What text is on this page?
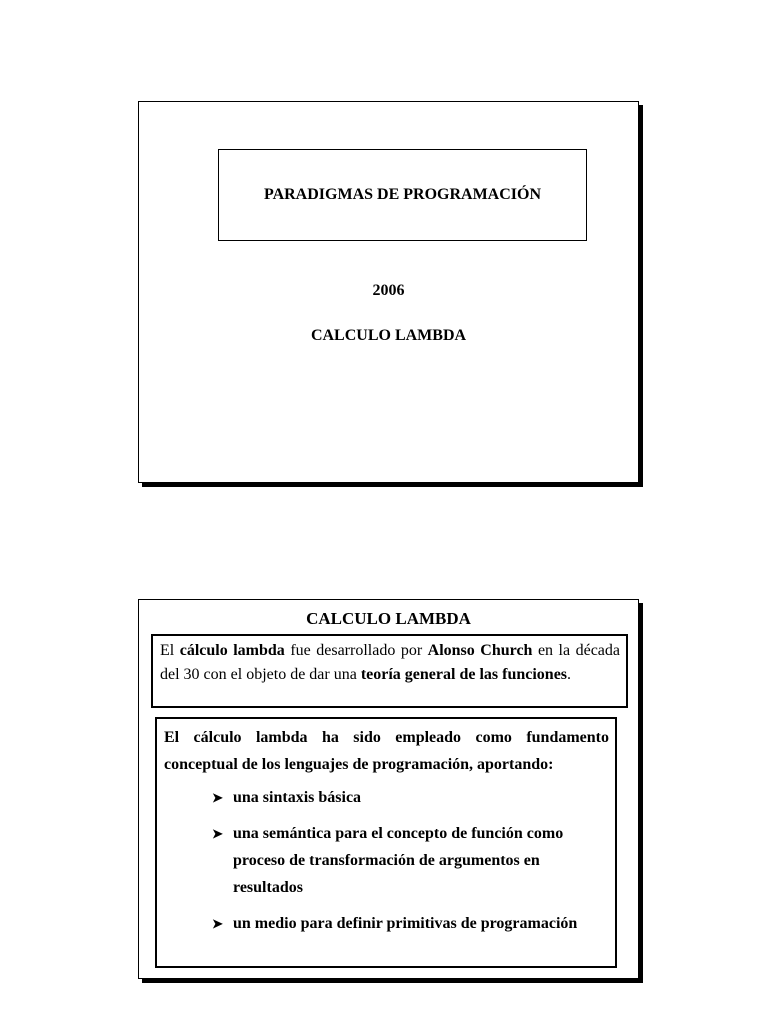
PARADIGMAS DE PROGRAMACIÓN
2006
CALCULO LAMBDA
CALCULO LAMBDA
El cálculo lambda fue desarrollado por Alonso Church en la década del 30 con el objeto de dar una teoría general de las funciones.
El cálculo lambda ha sido empleado como fundamento conceptual de los lenguajes de programación, aportando:
➤ una sintaxis básica
➤ una semántica para el concepto de función como proceso de transformación de argumentos en resultados
➤ un medio para definir primitivas de programación
